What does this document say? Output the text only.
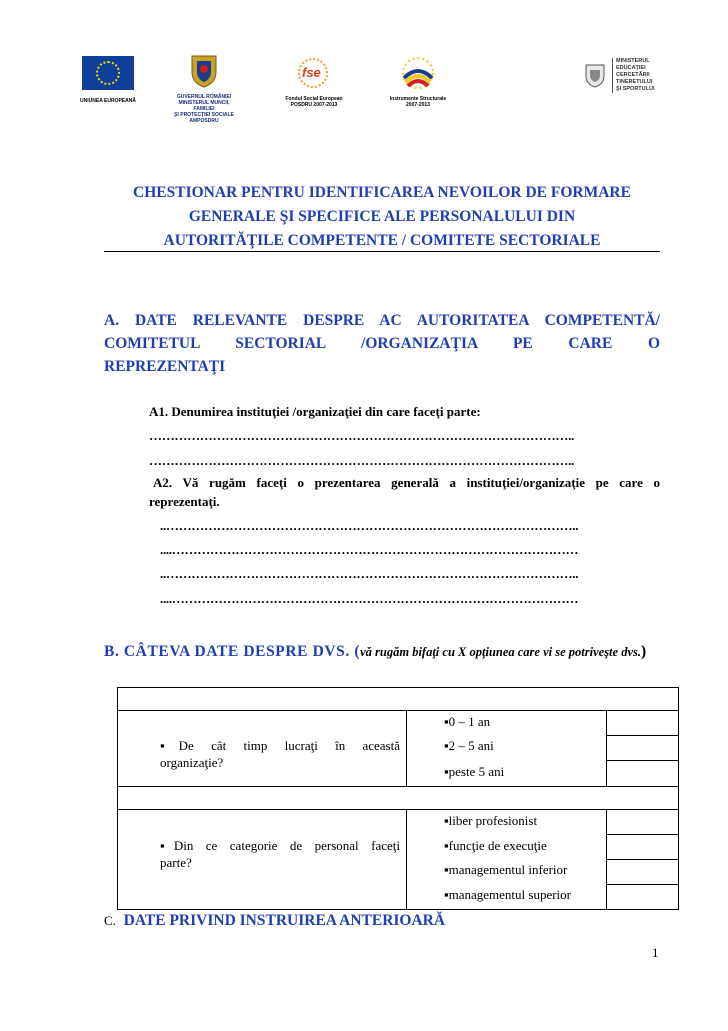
UNIUNEA EUROPEANĂ
GUVERNUL ROMÂNIEI
MINISTERUL MUNCII, FAMILIEI
ŞI PROTECŢIEI SOCIALE
AMPOSDRU
fse
Fondul Social European
POSDRU 2007-2013
Instrumente Structurale
2007-2013
MINISTERUL
EDUCAŢIEI
CERCETĂRII
TINERETULUI
ŞI SPORTULUI
CHESTIONAR PENTRU IDENTIFICAREA NEVOILOR DE FORMARE
GENERALE ŞI SPECIFICE ALE PERSONALULUI DIN
AUTORITĂŢILE COMPETENTE / COMITETE SECTORIALE
A. DATE RELEVANTE DESPRE AC AUTORITATEA COMPETENTĂ/
COMITETUL SECTORIAL /ORGANIZAŢIA PE CARE O
REPREZENTAŢI
A1. Denumirea instituţiei /organizaţiei din care faceţi parte:
………………………………………………………………………………………..
………………………………………………………………………………………..
A2. Vă rugăm faceţi o prezentarea generală a instituţiei/organizaţie pe care o
reprezentaţi.
..……………………………………………………………………………………..
....……………………………………………………………………………………
..……………………………………………………………………………………..
....……………………………………………………………………………………
B. CÂTEVA DATE DESPRE DVS. (vă rugăm bifaţi cu X opţiunea care vi se potriveşte dvs.)
▪De cât timp lucraţi în această
organizaţie?
▪0 – 1 an
▪2 – 5 ani
▪peste 5 ani
▪Din ce categorie de personal faceţi
parte?
▪liber profesionist
▪funcţie de execuţie
▪managementul inferior
▪managementul superior
C. DATE PRIVIND INSTRUIREA ANTERIOARĂ
1
